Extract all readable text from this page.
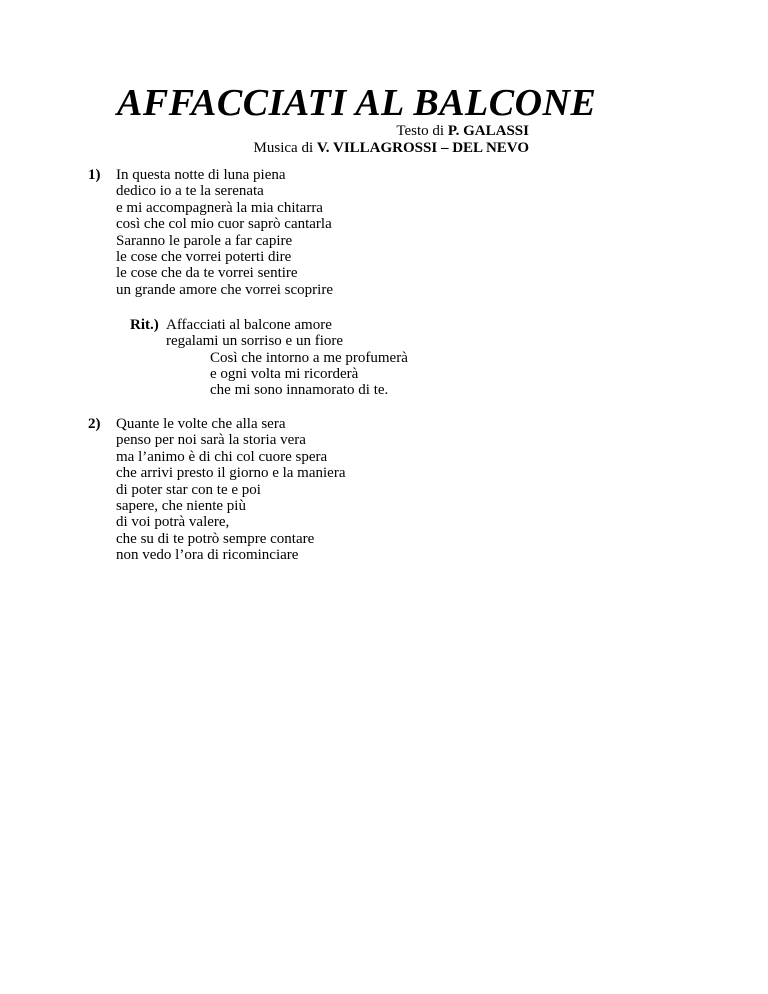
AFFACCIATI AL BALCONE
Testo di P. GALASSI
Musica di V. VILLAGROSSI – DEL NEVO
1) In questa notte di luna piena
dedico io a te la serenata
e mi accompagnerà la mia chitarra
così che col mio cuor saprò cantarla
Saranno le parole a far capire
le cose che vorrei poterti dire
le cose che da te vorrei sentire
un grande amore che vorrei scoprire
Rit.) Affacciati al balcone amore
regalami un sorriso e un fiore
Così che intorno a me profumerà
e ogni volta mi ricorderà
che mi sono innamorato di te.
2) Quante le volte che alla sera
penso per noi sarà la storia vera
ma l’animo è di chi col cuore spera
che arrivi presto il giorno e la maniera
di poter star con te e poi
sapere, che niente più
di voi potrà valere,
che su di te potrò sempre contare
non vedo l’ora di ricominciare
